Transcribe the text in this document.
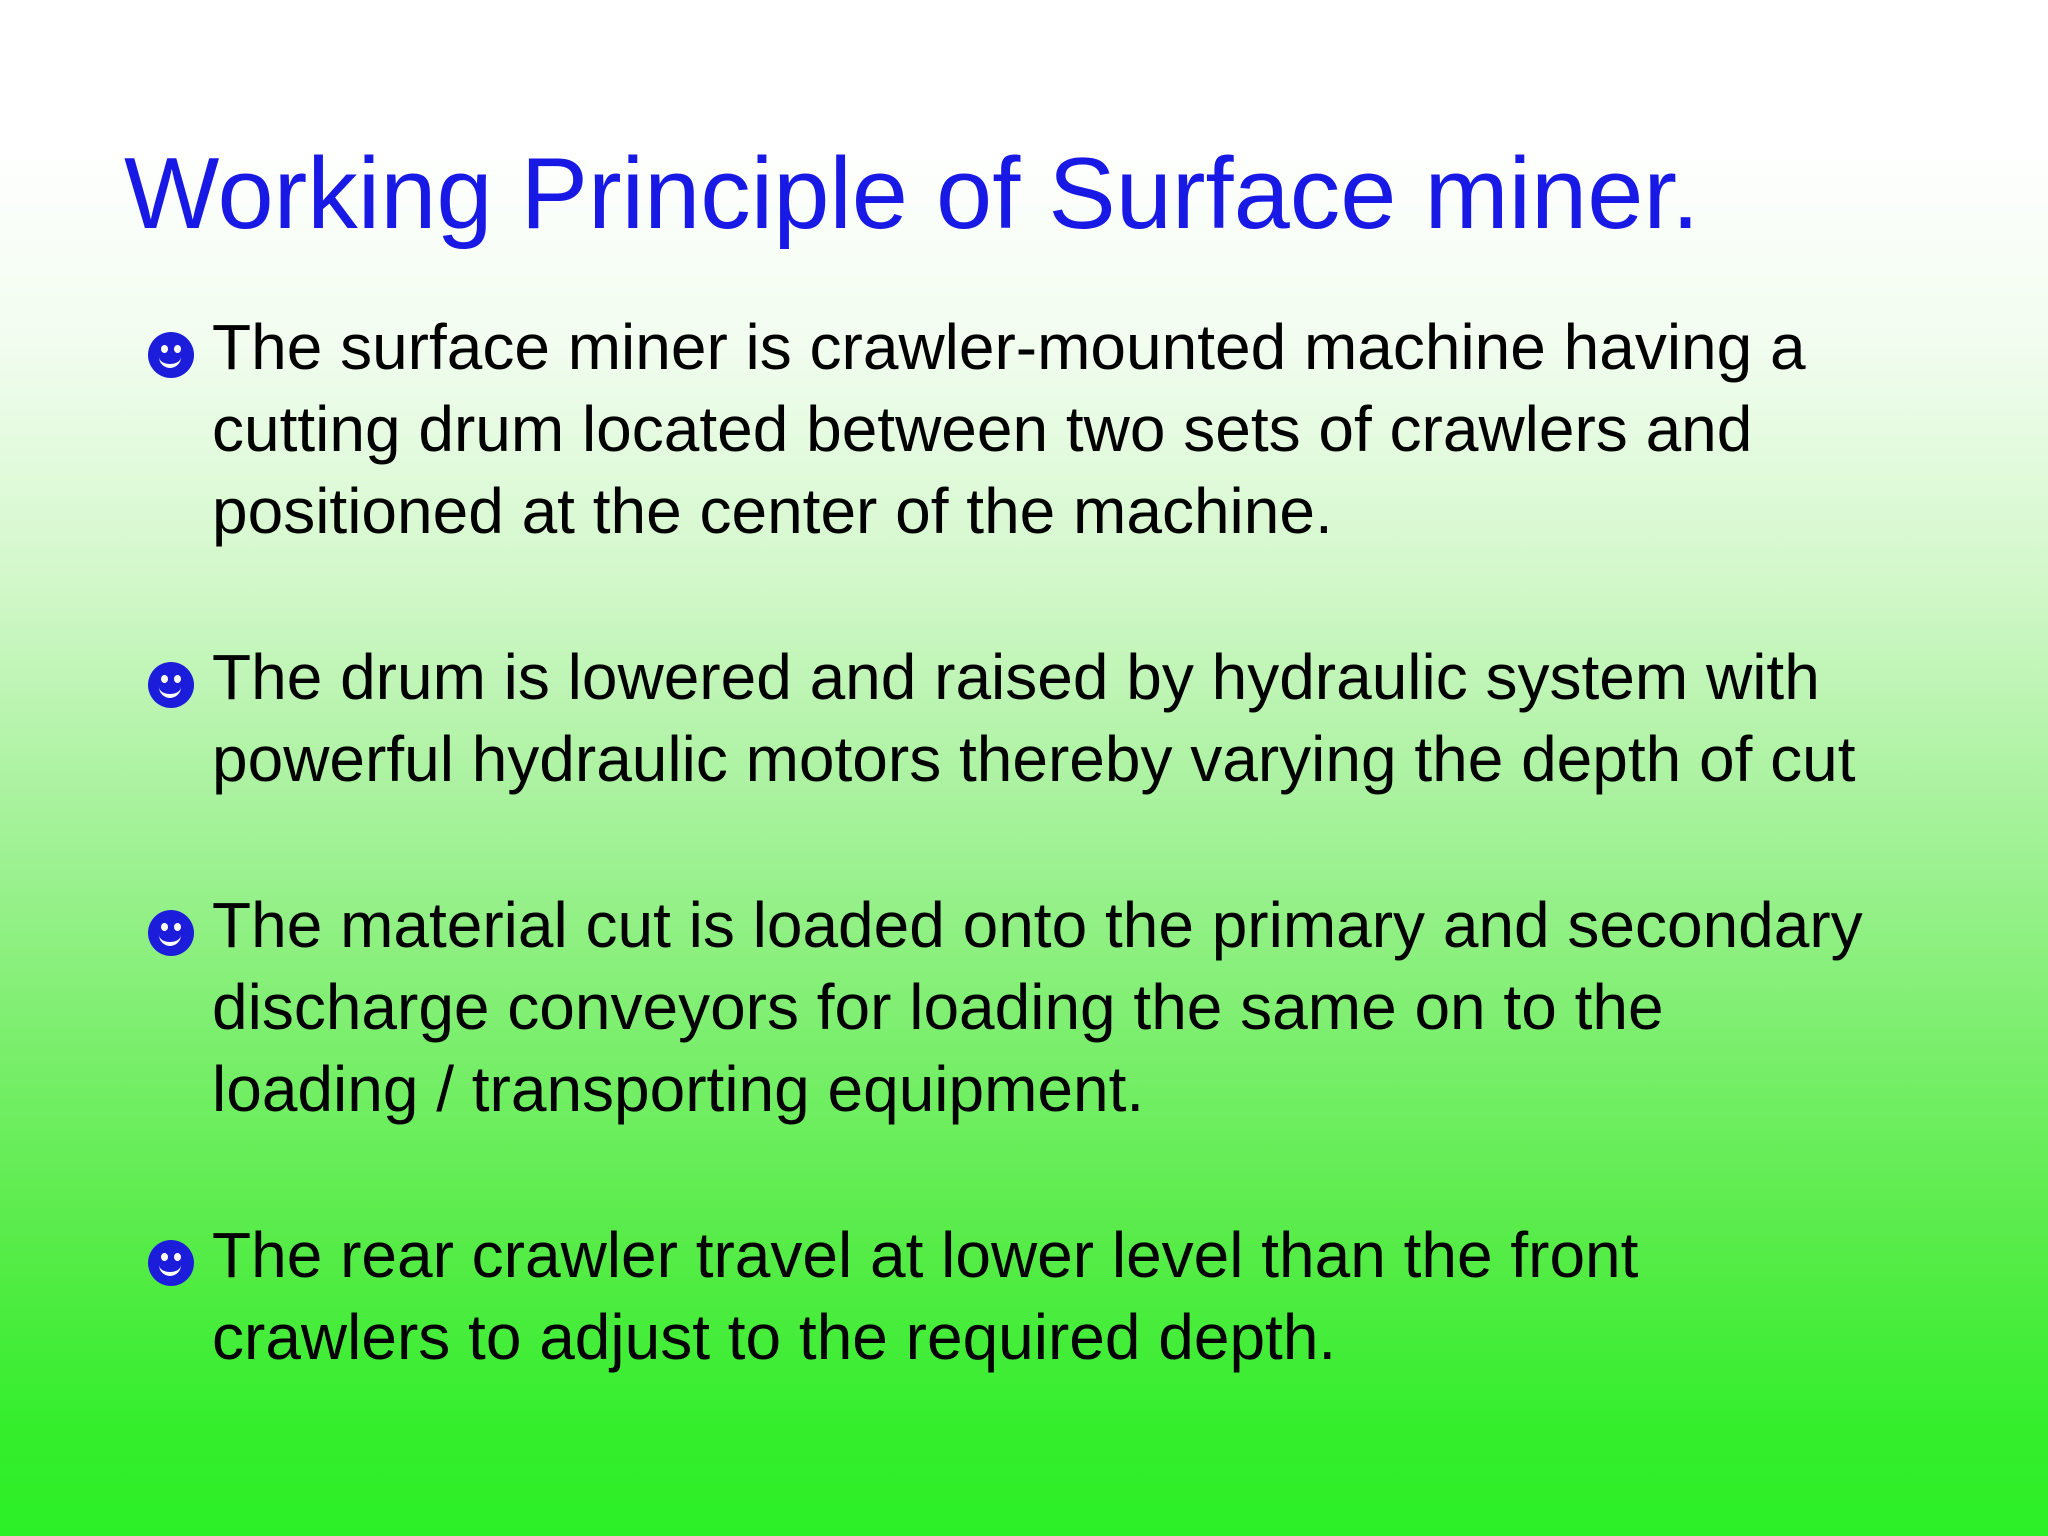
Working Principle of Surface miner.
The surface miner is crawler-mounted machine having a
cutting drum located between two sets of crawlers and
positioned at the center of the machine.
The drum is lowered and raised by hydraulic system with
powerful hydraulic motors thereby varying the depth of cut
The material cut is loaded onto the primary and secondary
discharge conveyors for loading the same on to the
loading / transporting equipment.
The rear crawler travel at lower level than the front
crawlers to adjust to the required depth.
